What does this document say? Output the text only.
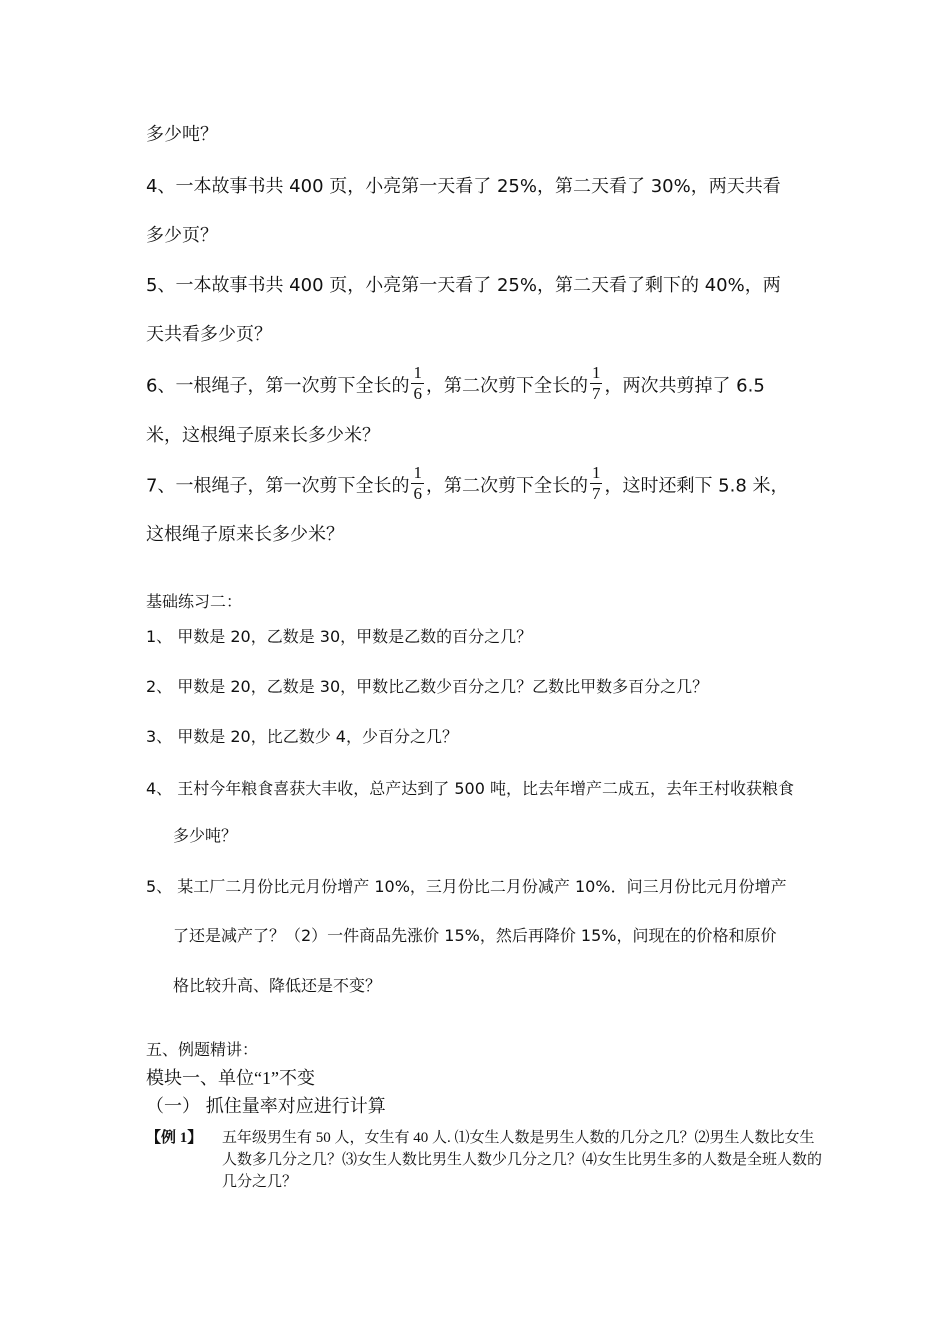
多少吨？
4、一本故事书共 400 页，小亮第一天看了 25%，第二天看了 30%，两天共看
多少页？
5、一本故事书共 400 页，小亮第一天看了 25%，第二天看了剩下的 40%，两
天共看多少页？
6、一根绳子，第一次剪下全长的 $\frac{1}{6}$ ，第二次剪下全长的 $\frac{1}{7}$ ，两次共剪掉了 6.5
米，这根绳子原来长多少米？
7、一根绳子，第一次剪下全长的 $\frac{1}{6}$ ，第二次剪下全长的 $\frac{1}{7}$ ，这时还剩下 5.8 米，
这根绳子原来长多少米？
基础练习二：
1、 甲数是 20，乙数是 30，甲数是乙数的百分之几？
2、 甲数是 20，乙数是 30，甲数比乙数少百分之几？乙数比甲数多百分之几？
3、 甲数是 20，比乙数少 4，少百分之几？
4、 王村今年粮食喜获大丰收，总产达到了 500 吨，比去年增产二成五，去年王村收获粮食
多少吨？
5、 某工厂二月份比元月份增产 10%，三月份比二月份减产 10%．问三月份比元月份增产
了还是减产了？（2）一件商品先涨价 15%，然后再降价 15%，问现在的价格和原价
格比较升高、降低还是不变？
五、例题精讲：
模块一、单位“1”不变
（一） 抓住量率对应进行计算
【例 1】 五年级男生有 50 人，女生有 40 人. ⑴女生人数是男生人数的几分之几？⑵男生人数比女生人数多几分之几？⑶女生人数比男生人数少几分之几？⑷女生比男生多的人数是全班人数的几分之几？
